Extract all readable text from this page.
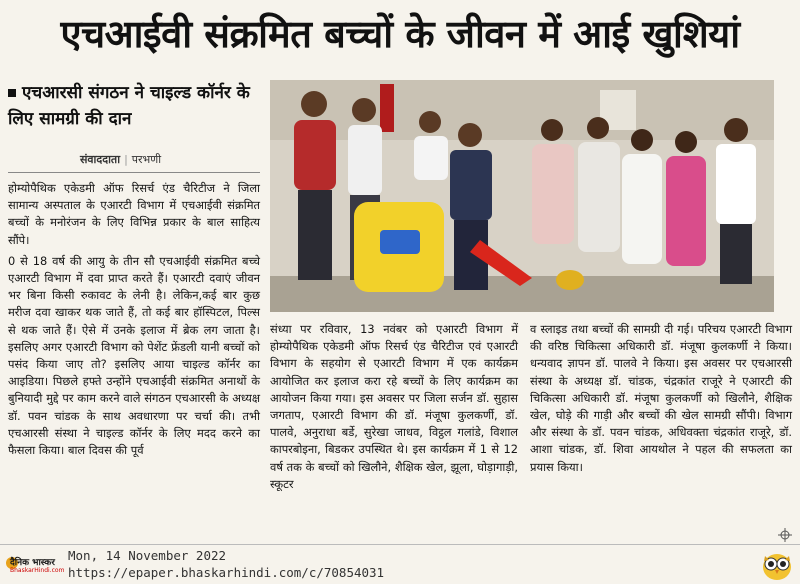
एचआईवी संक्रमित बच्चों के जीवन में आई खुशियां
एचआरसी संगठन ने चाइल्ड कॉर्नर के लिए सामग्री की दान
संवाददाता | परभणी

होम्योपैथिक एकेडमी ऑफ रिसर्च एंड चैरिटीज ने जिला सामान्य अस्पताल के एआरटी विभाग में एचआईवी संक्रमित बच्चों के मनोरंजन के लिए विभिन्न प्रकार के बाल साहित्य सौंपे।

0 से 18 वर्ष की आयु के तीन सौ एचआईवी संक्रमित बच्चे एआरटी विभाग में दवा प्राप्त करते हैं। एआरटी दवाएं जीवन भर बिना किसी रुकावट के लेनी है। लेकिन,कई बार कुछ मरीज दवा खाकर थक जाते हैं, तो कई बार हॉस्पिटल, पिल्स से थक जाते हैं। ऐसे में उनके इलाज में ब्रेक लग जाता है। इसलिए अगर एआरटी विभाग को पेशेंट फ्रेंडली यानी बच्चों को पसंद किया जाए तो? इसलिए आया चाइल्ड कॉर्नर का आइडिया। पिछले हफ्ते उन्होंने एचआईवी संक्रमित अनाथों के बुनियादी मुद्दे पर काम करने वाले संगठन एचआरसी के अध्यक्ष डॉ. पवन चांडक के साथ अवधारणा पर चर्चा की। तभी एचआरसी संस्था ने चाइल्ड कॉर्नर के लिए मदद करने का फैसला किया। बाल दिवस की पूर्व

संध्या पर रविवार, 13 नवंबर को एआरटी विभाग में होम्योपैथिक एकेडमी ऑफ रिसर्च एंड चैरिटीज एवं एआरटी विभाग के सहयोग से एआरटी विभाग में एक कार्यक्रम आयोजित कर इलाज करा रहे बच्चों के लिए कार्यक्रम का आयोजन किया गया। इस अवसर पर जिला सर्जन डॉ. सुहास जगताप, एआरटी विभाग की डॉ. मंजूषा कुलकर्णी, डॉ. पालवे, अनुराधा बर्डे, सुरेखा जाधव, विट्ठल गलांडे, विशाल कापरबोइना, बिडकर उपस्थित थे। इस कार्यक्रम में 1 से 12 वर्ष तक के बच्चों को खिलौने, शैक्षिक खेल, झूला, घोड़ागाड़ी, स्कूटर

व स्लाइड तथा बच्चों की सामग्री दी गई। परिचय एआरटी विभाग की वरिष्ठ चिकित्सा अधिकारी डॉ. मंजूषा कुलकर्णी ने किया। धन्यवाद ज्ञापन डॉ. पालवे ने किया। इस अवसर पर एचआरसी संस्था के अध्यक्ष डॉ. चांडक, चंद्रकांत राजूरे ने एआरटी की चिकित्सा अधिकारी डॉ. मंजूषा कुलकर्णी को खिलौने, शैक्षिक खेल, घोड़े की गाड़ी और बच्चों की खेल सामग्री सौंपी। विभाग और संस्था के डॉ. पवन चांडक, अधिवक्ता चंद्रकांत राजूरे, डॉ. आशा चांडक, डॉ. शिवा आयथोल ने पहल की सफलता का प्रयास किया।

दैनिक भास्कर
BhaskarHindi.com
Mon, 14 November 2022
https://epaper.bhaskarhindi.com/c/70854031
